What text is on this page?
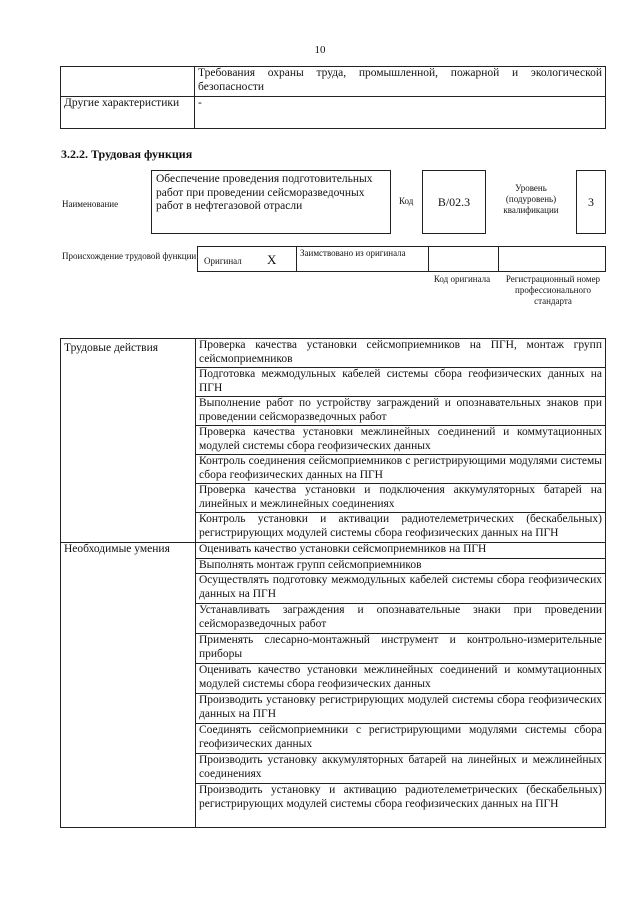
10
	Требования охраны труда, промышленной, пожарной и экологической безопасности
Другие характеристики	-
3.2.2. Трудовая функция
Наименование
Обеспечение проведения подготовительных работ при проведении сейсморазведочных работ в нефтегазовой отрасли	Код B/02.3
Уровень (подуровень) квалификации
3
Происхождение трудовой функции Оригинал X	Заимствовано из оригинала
Код оригинала	Регистрационный номер профессионального стандарта
Трудовые действия	Проверка качества установки сейсмоприемников на ПГН, монтаж групп сейсмоприемников
	Подготовка межмодульных кабелей системы сбора геофизических данных на ПГН
	Выполнение работ по устройству заграждений и опознавательных знаков при проведении сейсморазведочных работ
	Проверка качества установки межлинейных соединений и коммутационных модулей системы сбора геофизических данных
	Контроль соединения сейсмоприемников с регистрирующими модулями системы сбора геофизических данных на ПГН
	Проверка качества установки и подключения аккумуляторных батарей на линейных и межлинейных соединениях
	Контроль установки и активации радиотелеметрических (бескабельных) регистрирующих модулей системы сбора геофизических данных на ПГН
Необходимые умения	Оценивать качество установки сейсмоприемников на ПГН
	Выполнять монтаж групп сейсмоприемников
	Осуществлять подготовку межмодульных кабелей системы сбора геофизических данных на ПГН
	Устанавливать заграждения и опознавательные знаки при проведении сейсморазведочных работ
	Применять слесарно-монтажный инструмент и контрольно-измерительные приборы
	Оценивать качество установки межлинейных соединений и коммутационных модулей системы сбора геофизических данных
	Производить установку регистрирующих модулей системы сбора геофизических данных на ПГН
	Соединять сейсмоприемники с регистрирующими модулями системы сбора геофизических данных
	Производить установку аккумуляторных батарей на линейных и межлинейных соединениях
	Производить установку и активацию радиотелеметрических (бескабельных) регистрирующих модулей системы сбора геофизических данных на ПГН
